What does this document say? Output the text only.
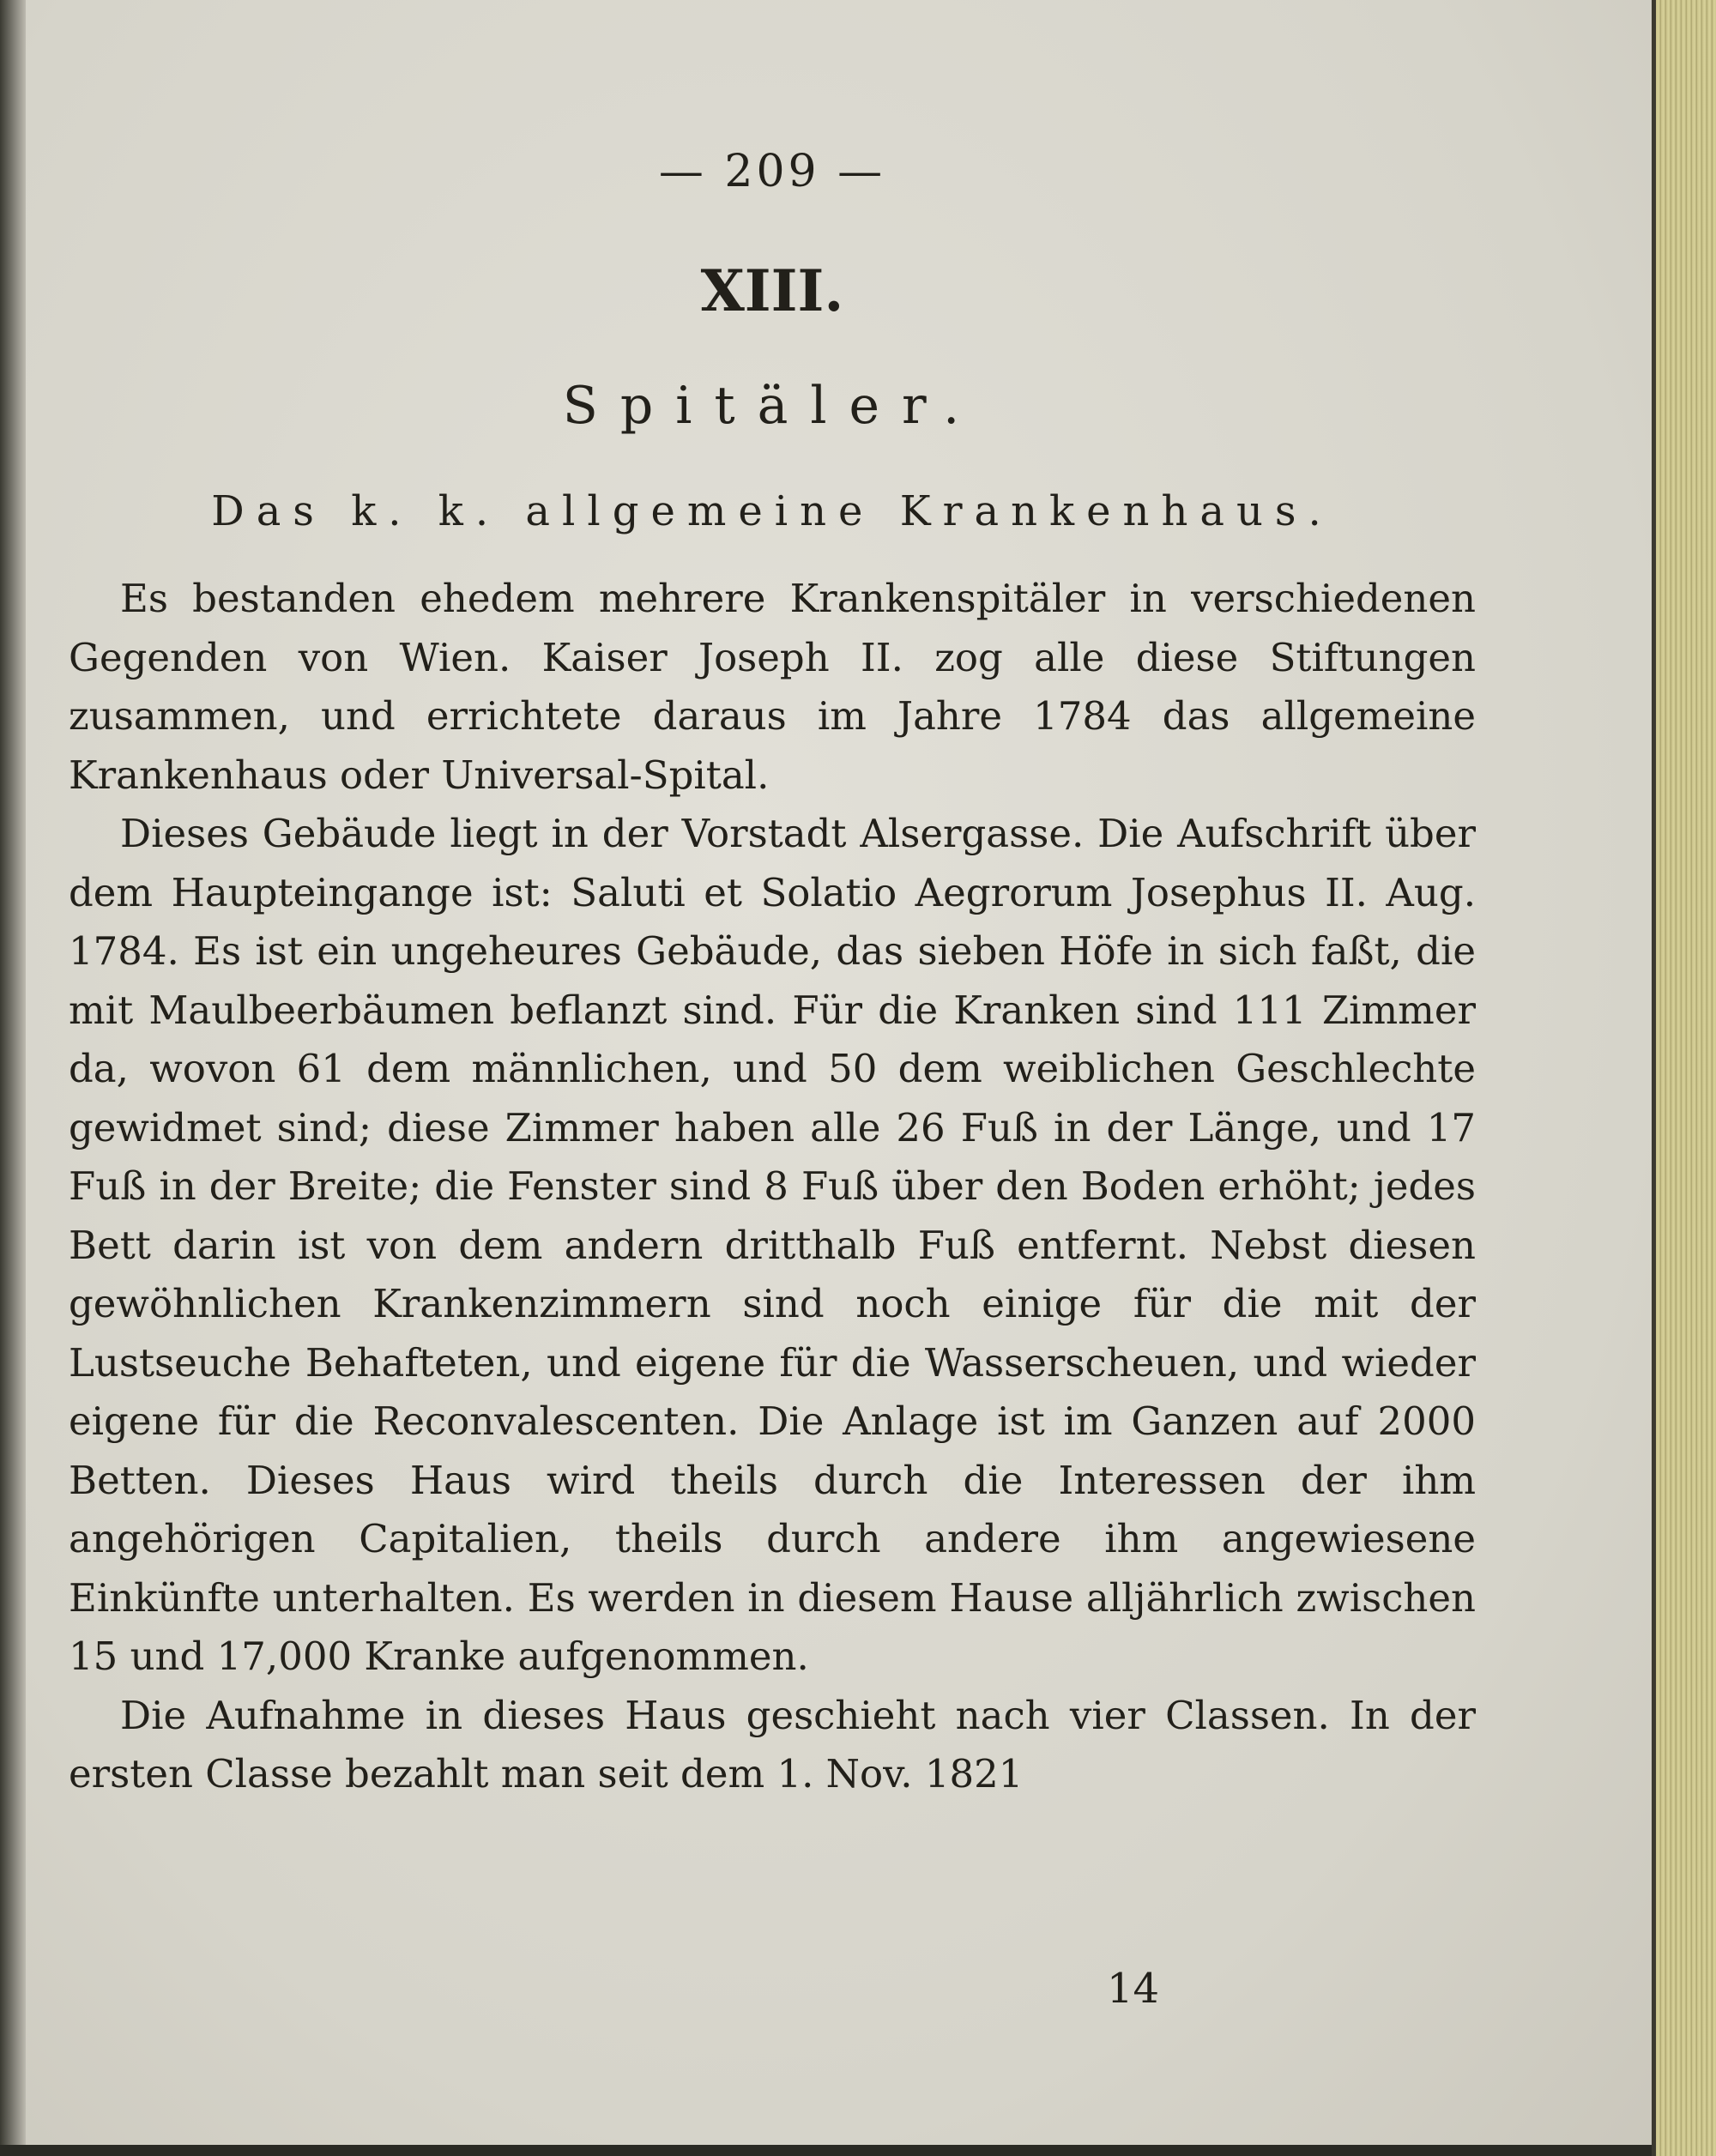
— 209 —
XIII.
Spitäler.
Das k. k. allgemeine Krankenhaus.

Es bestanden ehedem mehrere Krankenspitäler in verschiedenen Gegenden von Wien. Kaiser Joseph II. zog alle diese Stiftungen zusammen, und errichtete daraus im Jahre 1784 das allgemeine Krankenhaus oder Universal-Spital.

Dieses Gebäude liegt in der Vorstadt Alsergasse. Die Aufschrift über dem Haupteingange ist: Saluti et Solatio Aegrorum Josephus II. Aug. 1784. Es ist ein ungeheures Gebäude, das sieben Höfe in sich faßt, die mit Maulbeerbäumen beflanzt sind. Für die Kranken sind 111 Zimmer da, wovon 61 dem männlichen, und 50 dem weiblichen Geschlechte gewidmet sind; diese Zimmer haben alle 26 Fuß in der Länge, und 17 Fuß in der Breite; die Fenster sind 8 Fuß über den Boden erhöht; jedes Bett darin ist von dem andern dritthalb Fuß entfernt. Nebst diesen gewöhnlichen Krankenzimmern sind noch einige für die mit der Lustseuche Behafteten, und eigene für die Wasserscheuen, und wieder eigene für die Reconvalescenten. Die Anlage ist im Ganzen auf 2000 Betten. Dieses Haus wird theils durch die Interessen der ihm angehörigen Capitalien, theils durch andere ihm angewiesene Einkünfte unterhalten. Es werden in diesem Hause alljährlich zwischen 15 und 17,000 Kranke aufgenommen.

Die Aufnahme in dieses Haus geschieht nach vier Classen. In der ersten Classe bezahlt man seit dem 1. Nov. 1821

14
